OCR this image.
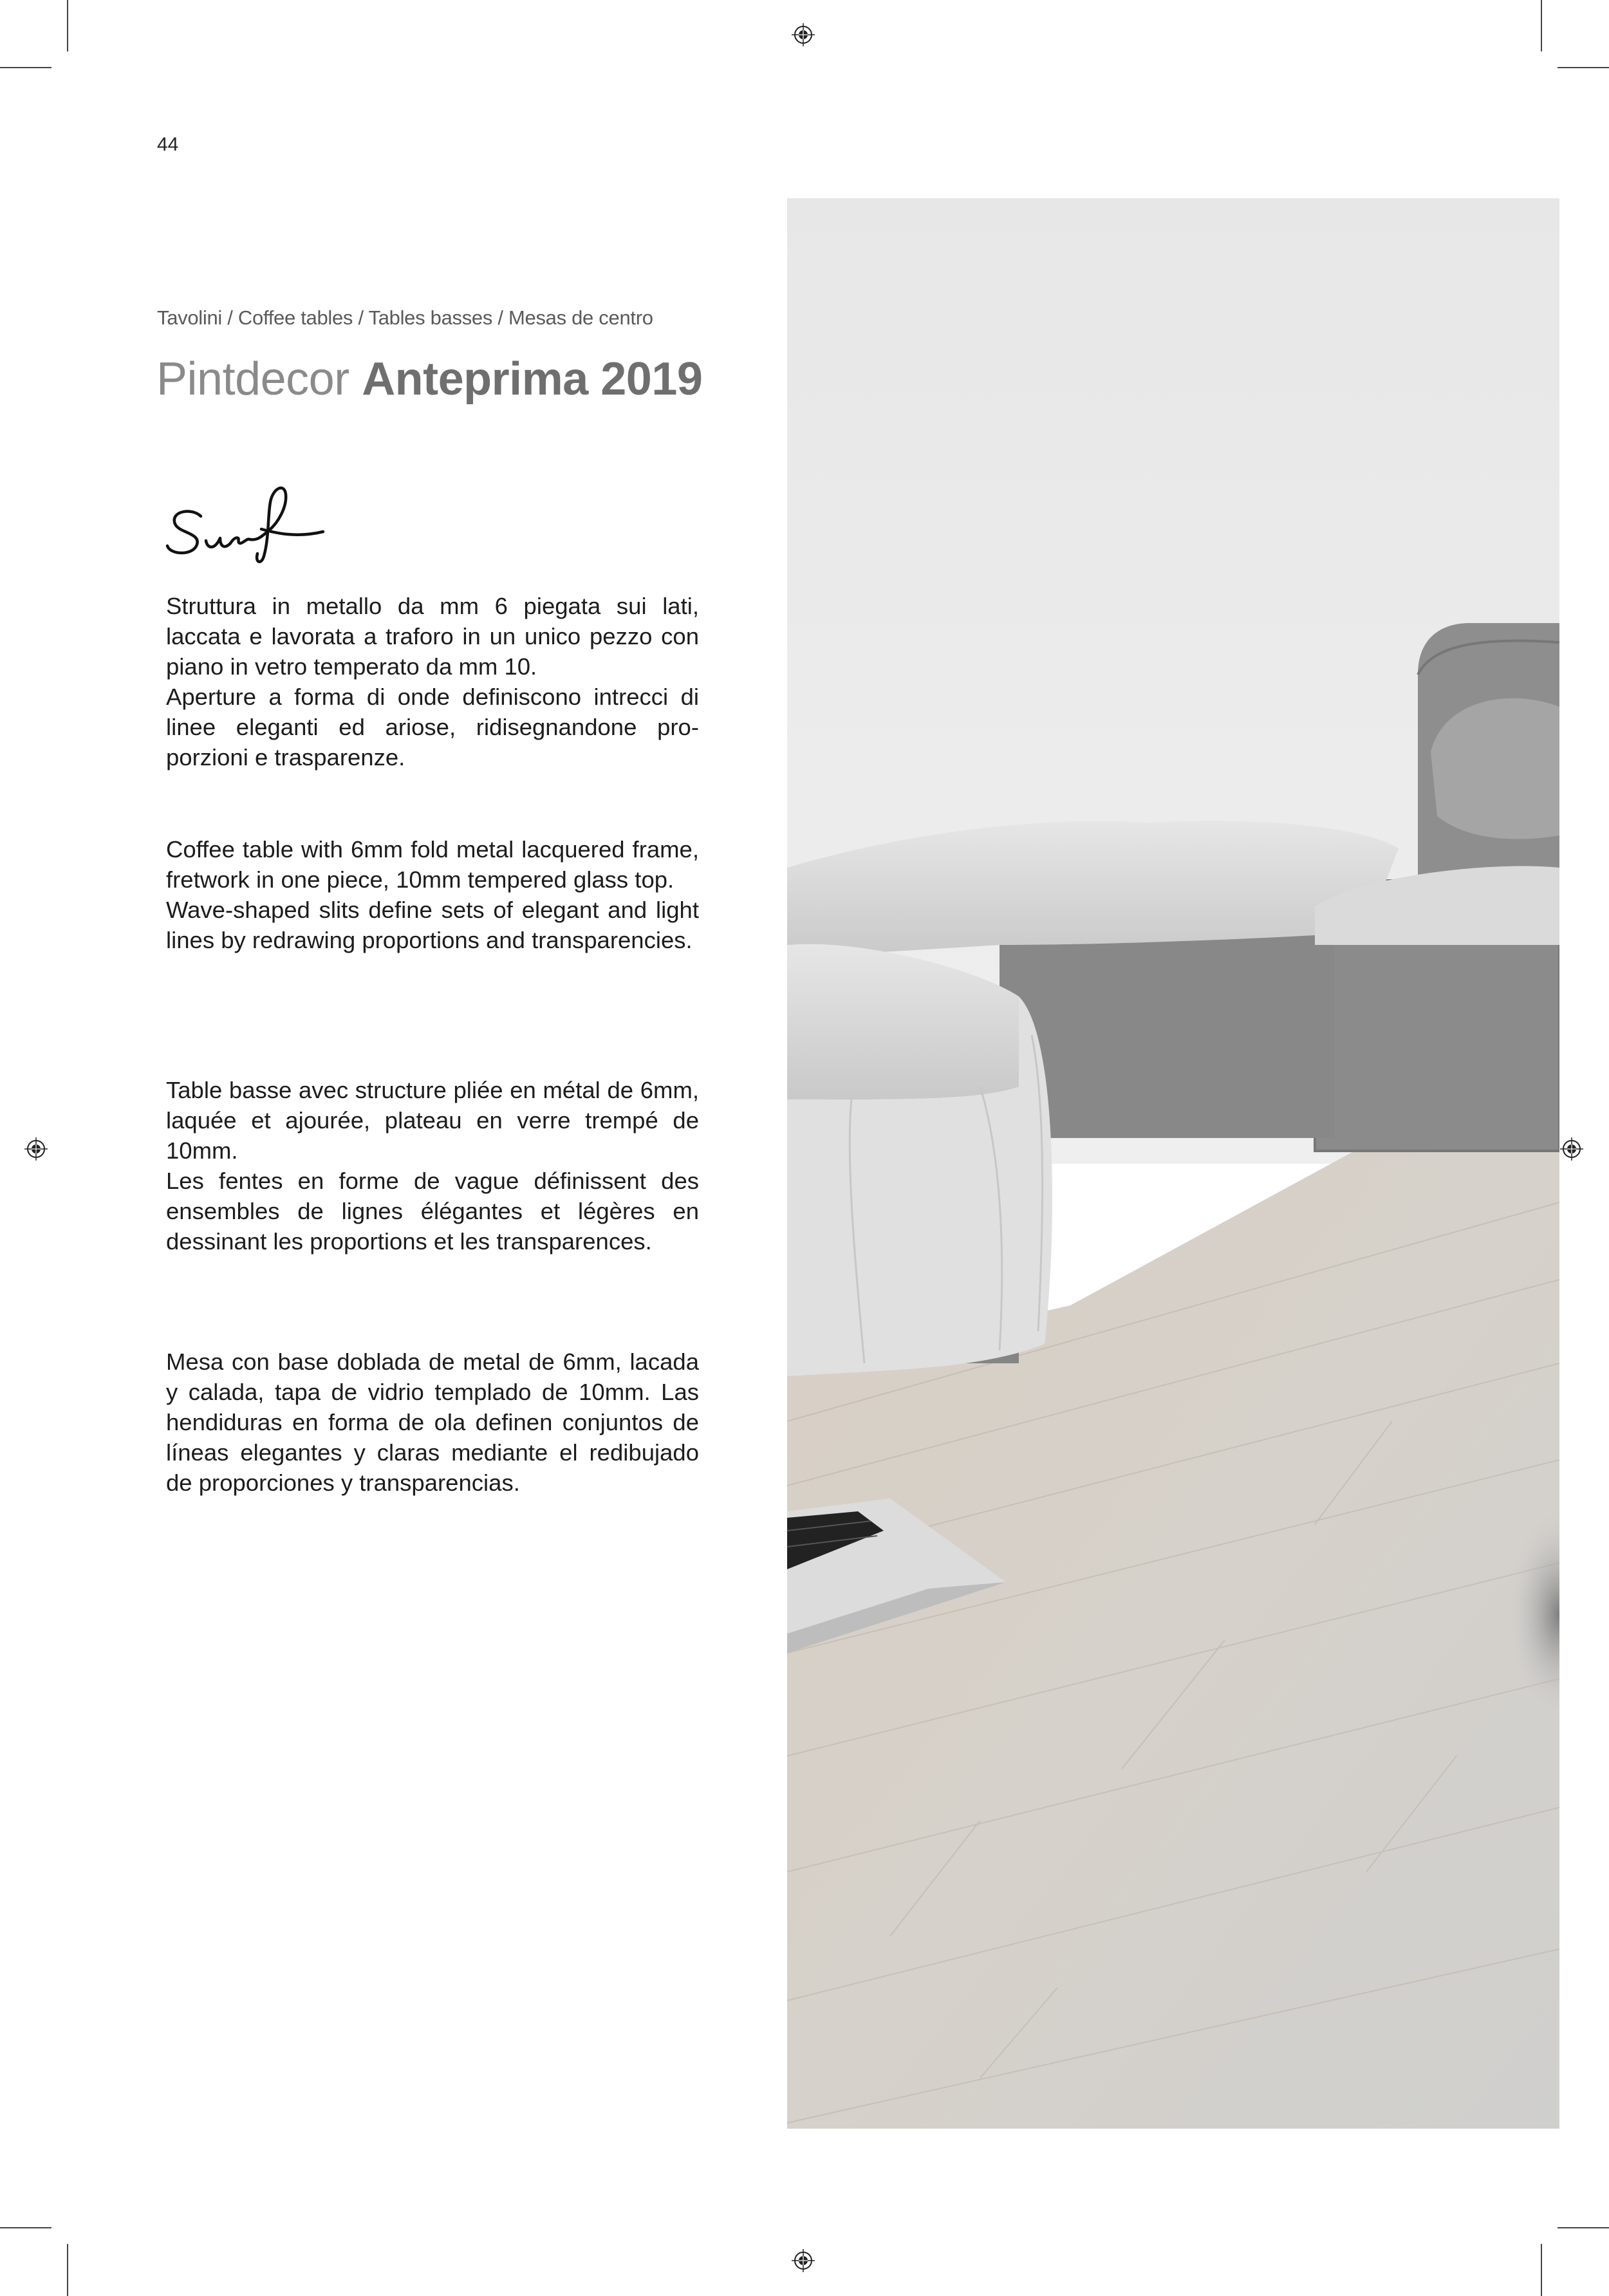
44
Tavolini / Coffee tables / Tables basses / Mesas de centro
Pintdecor Anteprima 2019

Struttura in metallo da mm 6 piegata sui lati, laccata e lavorata a traforo in un unico pezzo con piano in vetro temperato da mm 10.

Aperture a forma di onde definiscono intrecci di linee eleganti ed ariose, ridisegnandone proporzioni e trasparenze.

Coffee table with 6mm fold metal lacquered frame, fretwork in one piece, 10mm tempered glass top.

Wave-shaped slits define sets of elegant and light lines by redrawing proportions and transparencies.

Table basse avec structure pliée en métal de 6mm, laquée et ajourée, plateau en verre trempé de 10mm.

Les fentes en forme de vague définissent des ensembles de lignes élégantes et légères en dessinant les proportions et les transparences.

Mesa con base doblada de metal de 6mm, lacada y calada, tapa de vidrio templado de 10mm. Las hendiduras en forma de ola definen conjuntos de líneas elegantes y claras mediante el redibujado de proporciones y transparencias.
